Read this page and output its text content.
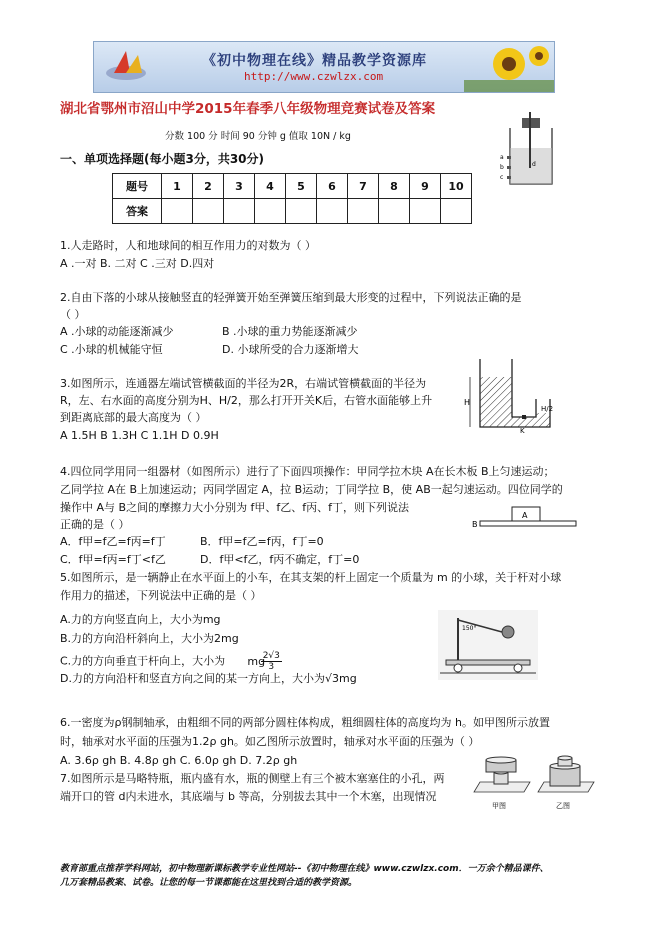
《初中物理在线》精品教学资源库
http://www.czwlzx.com
湖北省鄂州市沼山中学2015年春季八年级物理竞赛试卷及答案
分数 100 分 时间 90 分钟 g 值取 10N / kg
a
b
c
d
一、单项选择题(每小题3分，共30分)
题号	1	2	3	4	5	6	7	8	9	10
答案										
1.人走路时，人和地球间的相互作用力的对数为（ ）
A .一对 B. 二对 C .三对 D.四对
2.自由下落的小球从接触竖直的轻弹簧开始至弹簧压缩到最大形变的过程中，下列说法正确的是
（ ）
A .小球的动能逐渐减少	B .小球的重力势能逐渐减少
C .小球的机械能守恒	D. 小球所受的合力逐渐增大
3.如图所示，连通器左端试管横截面的半径为2R，右端试管横截面的半径为
R，左、右水面的高度分别为H、H/2，那么打开开关K后，右管水面能够上升
到距离底部的最大高度为（ ）
A 1.5H B 1.3H C 1.1H D 0.9H
H
H/2
K
4.四位同学用同一组器材（如图所示）进行了下面四项操作：甲同学拉木块 A在长木板 B上匀速运动；
乙同学拉 A在 B上加速运动；丙同学固定 A，拉 B运动；丁同学拉 B，使 AB一起匀速运动。四位同学的
操作中 A与 B之间的摩擦力大小分别为 f甲、f乙、f丙、f丁，则下列说法
正确的是（ ）
A．f甲=f乙=f丙=f丁	B．f甲=f乙=f丙，f丁=0
C．f甲=f丙=f丁<f乙	D．f甲<f乙，f丙不确定，f丁=0
A
B
5.如图所示，是一辆静止在水平面上的小车，在其支架的杆上固定一个质量为 m 的小球，关于杆对小球
作用力的描述，下列说法中正确的是（ ）
A.力的方向竖直向上，大小为mg
B.力的方向沿杆斜向上，大小为2mg
C.力的方向垂直于杆向上，大小为	$\frac{2√3}{3}$ mg
D.力的方向沿杆和竖直方向之间的某一方向上，大小为√3mg
150°
6.一密度为ρ钢制轴承，由粗细不同的两部分圆柱体构成，粗细圆柱体的高度均为 h。如甲图所示放置
时，轴承对水平面的压强为1.2ρ gh。如乙图所示放置时，轴承对水平面的压强为（ ）
A. 3.6ρ gh B. 4.8ρ gh C. 6.0ρ gh D. 7.2ρ gh
7.如图所示是马略特瓶，瓶内盛有水，瓶的侧壁上有三个被木塞塞住的小孔，两
端开口的管 d内未进水，其底端与 b 等高，分别拔去其中一个木塞，出现情况
甲图	乙图
教育部重点推荐学科网站，初中物理新课标教学专业性网站--《初中物理在线》www.czwlzx.com．一万余个精品课件、
几万套精品教案、试卷。让您的每一节课都能在这里找到合适的教学资源。
